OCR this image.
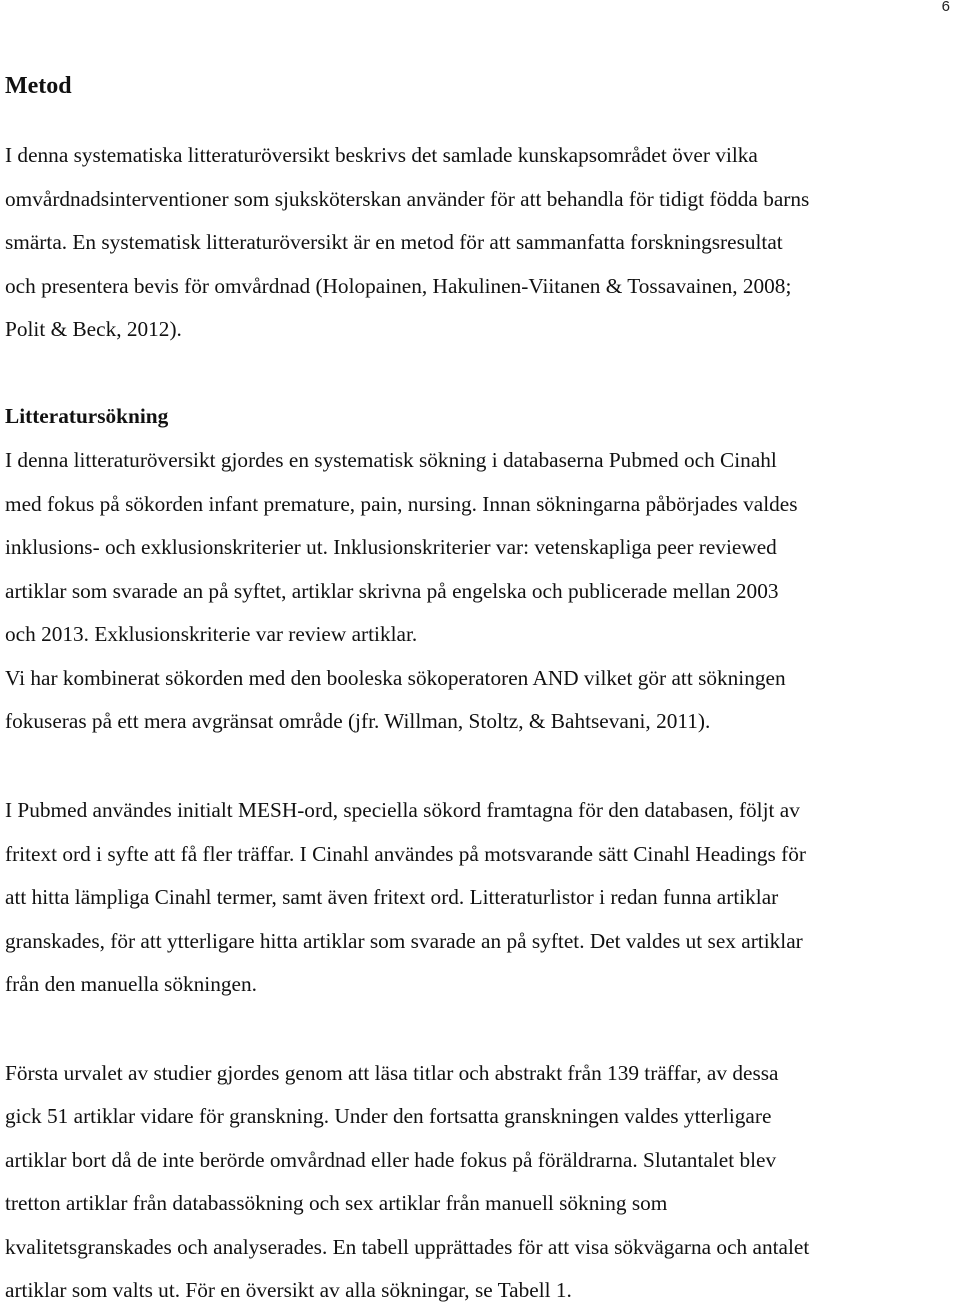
6
Metod
I denna systematiska litteraturöversikt beskrivs det samlade kunskapsområdet över vilka
omvårdnadsinterventioner som sjuksköterskan använder för att behandla för tidigt födda barns
smärta. En systematisk litteraturöversikt är en metod för att sammanfatta forskningsresultat
och presentera bevis för omvårdnad (Holopainen, Hakulinen-Viitanen & Tossavainen, 2008;
Polit & Beck, 2012).
Litteratursökning
I denna litteraturöversikt gjordes en systematisk sökning i databaserna Pubmed och Cinahl
med fokus på sökorden infant premature, pain, nursing. Innan sökningarna påbörjades valdes
inklusions- och exklusionskriterier ut. Inklusionskriterier var: vetenskapliga peer reviewed
artiklar som svarade an på syftet, artiklar skrivna på engelska och publicerade mellan 2003
och 2013. Exklusionskriterie var review artiklar.
Vi har kombinerat sökorden med den booleska sökoperatoren AND vilket gör att sökningen
fokuseras på ett mera avgränsat område (jfr. Willman, Stoltz, & Bahtsevani, 2011).
I Pubmed användes initialt MESH-ord, speciella sökord framtagna för den databasen, följt av
fritext ord i syfte att få fler träffar. I Cinahl användes på motsvarande sätt Cinahl Headings för
att hitta lämpliga Cinahl termer, samt även fritext ord. Litteraturlistor i redan funna artiklar
granskades, för att ytterligare hitta artiklar som svarade an på syftet. Det valdes ut sex artiklar
från den manuella sökningen.
Första urvalet av studier gjordes genom att läsa titlar och abstrakt från 139 träffar, av dessa
gick 51 artiklar vidare för granskning. Under den fortsatta granskningen valdes ytterligare
artiklar bort då de inte berörde omvårdnad eller hade fokus på föräldrarna. Slutantalet blev
tretton artiklar från databassökning och sex artiklar från manuell sökning som
kvalitetsgranskades och analyserades. En tabell upprättades för att visa sökvägarna och antalet
artiklar som valts ut. För en översikt av alla sökningar, se Tabell 1.
